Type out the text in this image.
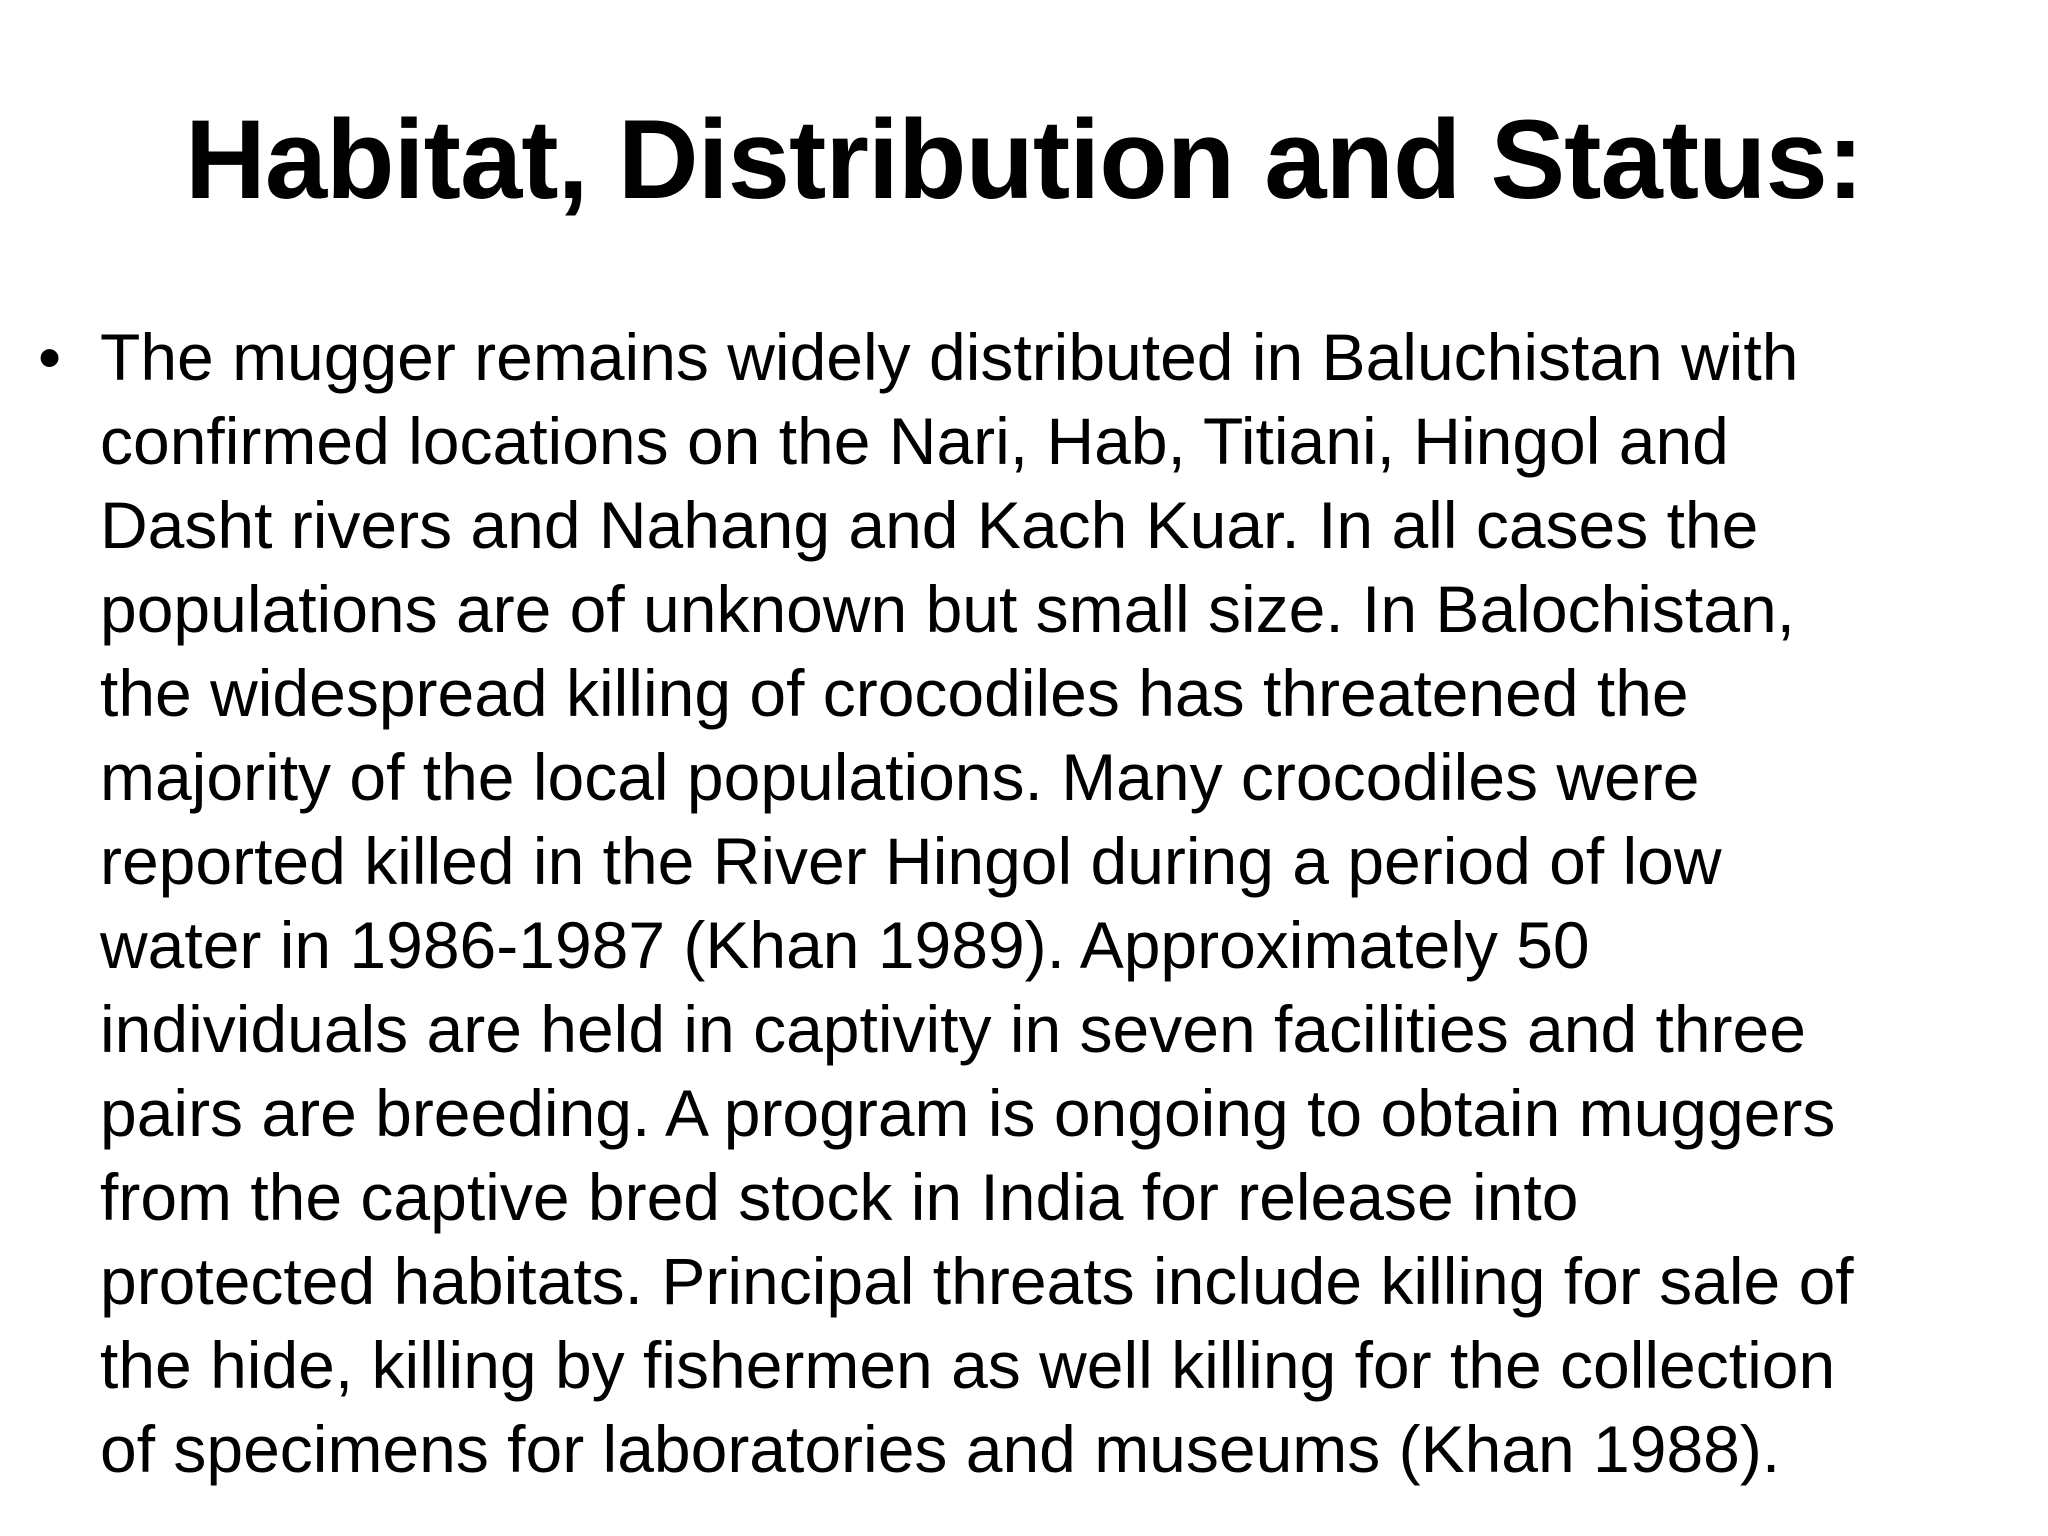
Habitat, Distribution and Status:
• The mugger remains widely distributed in Baluchistan with
confirmed locations on the Nari, Hab, Titiani, Hingol and
Dasht rivers and Nahang and Kach Kuar. In all cases the
populations are of unknown but small size. In Balochistan,
the widespread killing of crocodiles has threatened the
majority of the local populations. Many crocodiles were
reported killed in the River Hingol during a period of low
water in 1986-1987 (Khan 1989). Approximately 50
individuals are held in captivity in seven facilities and three
pairs are breeding. A program is ongoing to obtain muggers
from the captive bred stock in India for release into
protected habitats. Principal threats include killing for sale of
the hide, killing by fishermen as well killing for the collection
of specimens for laboratories and museums (Khan 1988).
